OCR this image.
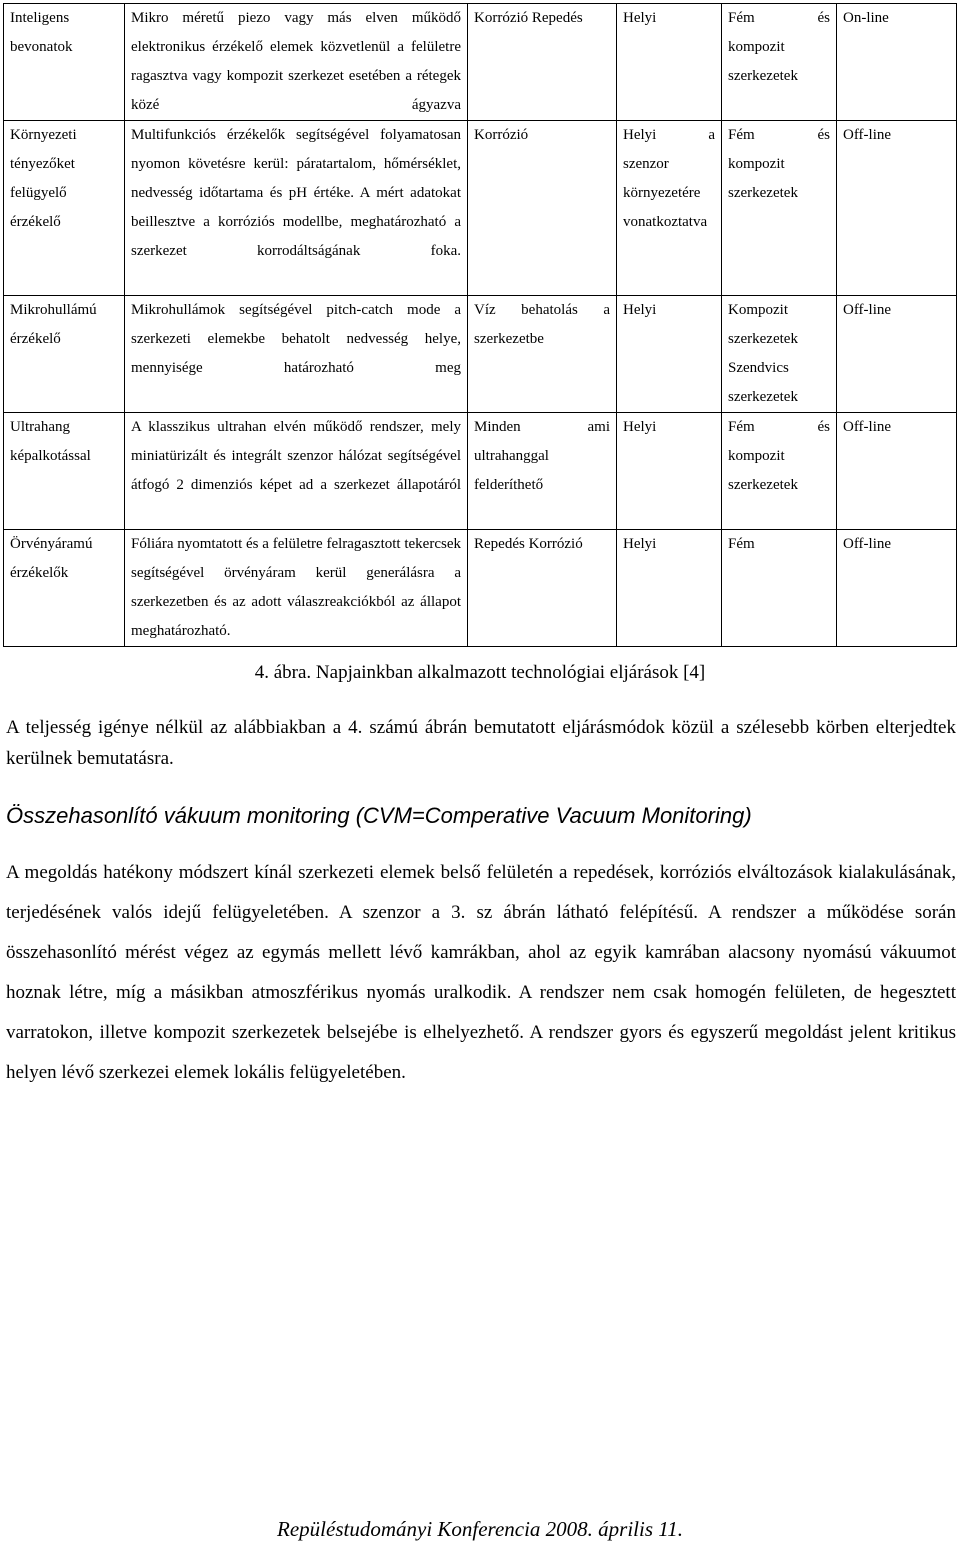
Inteligens bevonatok	Mikro méretű piezo vagy más elven működő elektronikus érzékelő elemek közvetlenül a felületre ragasztva vagy kompozit szerkezet esetében a rétegek közé ágyazva	Korrózió Repedés	Helyi	Fém és kompozit szerkezetek	On-line
Környezeti tényezőket felügyelő érzékelő	Multifunkciós érzékelők segítségével folyamatosan nyomon követésre kerül: páratartalom, hőmérséklet, nedvesség időtartama és pH értéke. A mért adatokat beillesztve a korróziós modellbe, meghatározható a szerkezet korrodáltságának foka.	Korrózió	Helyi a szenzor környezetére vonatkoztatva	Fém és kompozit szerkezetek	Off-line
Mikrohullámú érzékelő	Mikrohullámok segítségével pitch-catch mode a szerkezeti elemekbe behatolt nedvesség helye, mennyisége határozható meg	Víz behatolás a szerkezetbe	Helyi	Kompozit szerkezetek Szendvics szerkezetek	Off-line
Ultrahang képalkotással	A klasszikus ultrahan elvén működő rendszer, mely miniatürizált és integrált szenzor hálózat segítségével átfogó 2 dimenziós képet ad a szerkezet állapotáról	Minden ami ultrahanggal felderíthető	Helyi	Fém és kompozit szerkezetek	Off-line
Örvényáramú érzékelők	Fóliára nyomtatott és a felületre felragasztott tekercsek segítségével örvényáram kerül generálásra a szerkezetben és az adott válaszreakciókból az állapot meghatározható.	Repedés Korrózió	Helyi	Fém	Off-line
4. ábra. Napjainkban alkalmazott technológiai eljárások [4]
A teljesség igénye nélkül az alábbiakban a 4. számú ábrán bemutatott eljárásmódok közül a szélesebb körben elterjedtek kerülnek bemutatásra.
Összehasonlító vákuum monitoring (CVM=Comperative Vacuum Monitoring)
A megoldás hatékony módszert kínál szerkezeti elemek belső felületén a repedések, korróziós elváltozások kialakulásának, terjedésének valós idejű felügyeletében. A szenzor a 3. sz ábrán látható felépítésű. A rendszer a működése során összehasonlító mérést végez az egymás mellett lévő kamrákban, ahol az egyik kamrában alacsony nyomású vákuumot hoznak létre, míg a másikban atmoszférikus nyomás uralkodik. A rendszer nem csak homogén felületen, de hegesztett varratokon, illetve kompozit szerkezetek belsejébe is elhelyezhető. A rendszer gyors és egyszerű megoldást jelent kritikus helyen lévő szerkezei elemek lokális felügyeletében.
Repüléstudományi Konferencia 2008. április 11.
